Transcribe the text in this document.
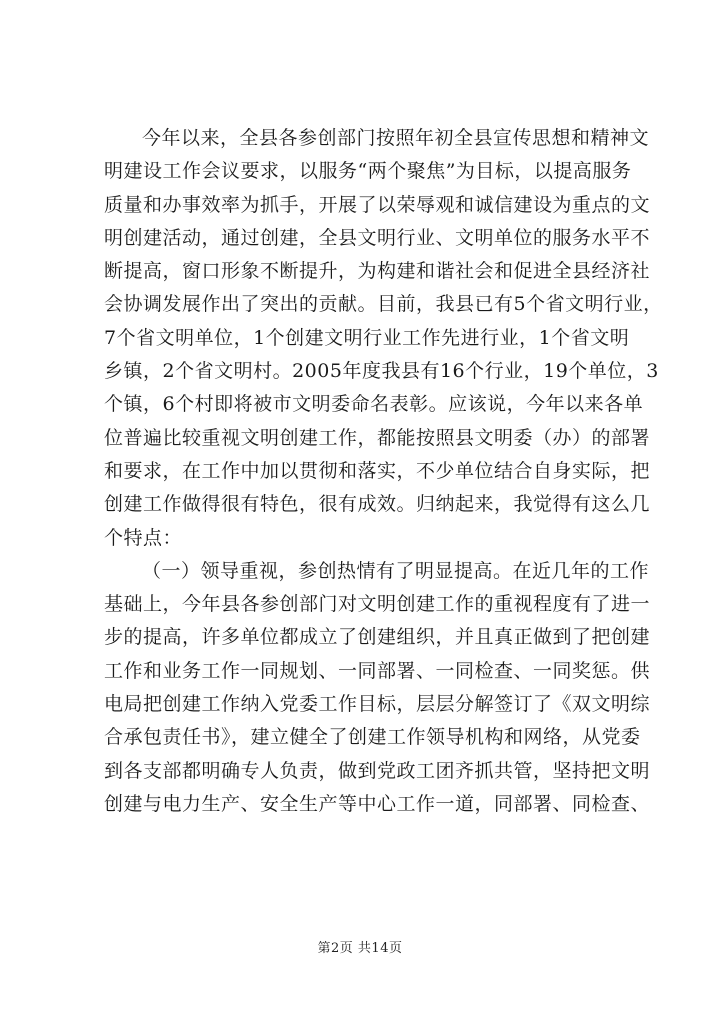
今年以来，全县各参创部门按照年初全县宣传思想和精神文
明建设工作会议要求，以服务“两个聚焦”为目标，以提高服务
质量和办事效率为抓手，开展了以荣辱观和诚信建设为重点的文
明创建活动，通过创建，全县文明行业、文明单位的服务水平不
断提高，窗口形象不断提升，为构建和谐社会和促进全县经济社
会协调发展作出了突出的贡献。目前，我县已有5个省文明行业，
7个省文明单位，1个创建文明行业工作先进行业，1个省文明
乡镇，2个省文明村。2005年度我县有16个行业，19个单位，3
个镇，6个村即将被市文明委命名表彰。应该说，今年以来各单
位普遍比较重视文明创建工作，都能按照县文明委（办）的部署
和要求，在工作中加以贯彻和落实，不少单位结合自身实际，把
创建工作做得很有特色，很有成效。归纳起来，我觉得有这么几
个特点：
（一）领导重视，参创热情有了明显提高。在近几年的工作
基础上，今年县各参创部门对文明创建工作的重视程度有了进一
步的提高，许多单位都成立了创建组织，并且真正做到了把创建
工作和业务工作一同规划、一同部署、一同检查、一同奖惩。供
电局把创建工作纳入党委工作目标，层层分解签订了《双文明综
合承包责任书》，建立健全了创建工作领导机构和网络，从党委
到各支部都明确专人负责，做到党政工团齐抓共管，坚持把文明
创建与电力生产、安全生产等中心工作一道，同部署、同检查、
第2页 共14页
